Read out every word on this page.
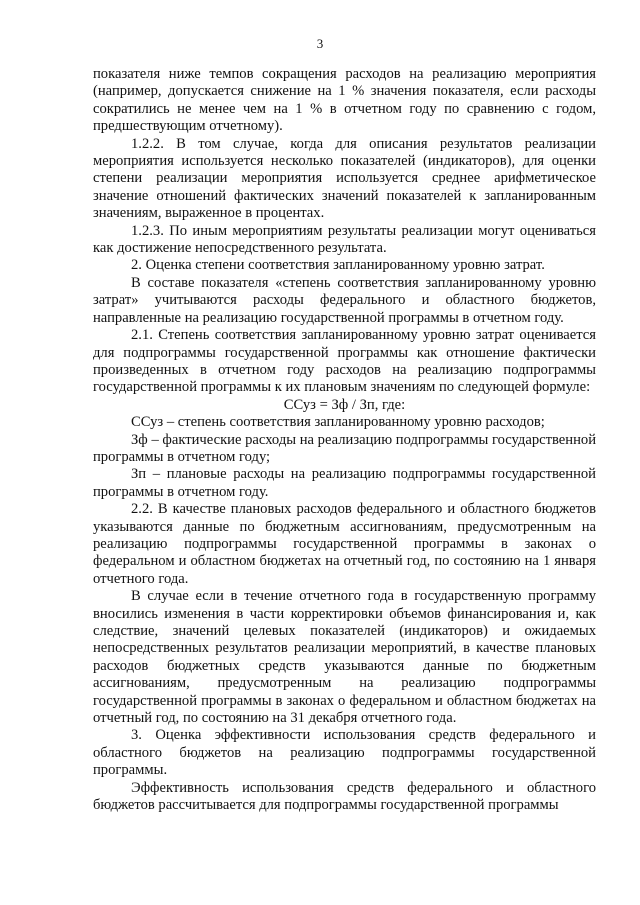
3

показателя ниже темпов сокращения расходов на реализацию мероприятия (например, допускается снижение на 1 % значения показателя, если расходы сократились не менее чем на 1 % в отчетном году по сравнению с годом, предшествующим отчетному).

1.2.2. В том случае, когда для описания результатов реализации мероприятия используется несколько показателей (индикаторов), для оценки степени реализации мероприятия используется среднее арифметическое значение отношений фактических значений показателей к запланированным значениям, выраженное в процентах.

1.2.3. По иным мероприятиям результаты реализации могут оцениваться как достижение непосредственного результата.

2. Оценка степени соответствия запланированному уровню затрат.

В составе показателя «степень соответствия запланированному уровню затрат» учитываются расходы федерального и областного бюджетов, направленные на реализацию государственной программы в отчетном году.

2.1. Степень соответствия запланированному уровню затрат оценивается для подпрограммы государственной программы как отношение фактически произведенных в отчетном году расходов на реализацию подпрограммы государственной программы к их плановым значениям по следующей формуле:

ССуз = Зф / Зп, где:

ССуз – степень соответствия запланированному уровню расходов;

Зф – фактические расходы на реализацию подпрограммы государственной программы в отчетном году;

Зп – плановые расходы на реализацию подпрограммы государственной программы в отчетном году.

2.2. В качестве плановых расходов федерального и областного бюджетов указываются данные по бюджетным ассигнованиям, предусмотренным на реализацию подпрограммы государственной программы в законах о федеральном и областном бюджетах на отчетный год, по состоянию на 1 января отчетного года.

В случае если в течение отчетного года в государственную программу вносились изменения в части корректировки объемов финансирования и, как следствие, значений целевых показателей (индикаторов) и ожидаемых непосредственных результатов реализации мероприятий, в качестве плановых расходов бюджетных средств указываются данные по бюджетным ассигнованиям, предусмотренным на реализацию подпрограммы государственной программы в законах о федеральном и областном бюджетах на отчетный год, по состоянию на 31 декабря отчетного года.

3. Оценка эффективности использования средств федерального и областного бюджетов на реализацию подпрограммы государственной программы.

Эффективность использования средств федерального и областного бюджетов рассчитывается для подпрограммы государственной программы
